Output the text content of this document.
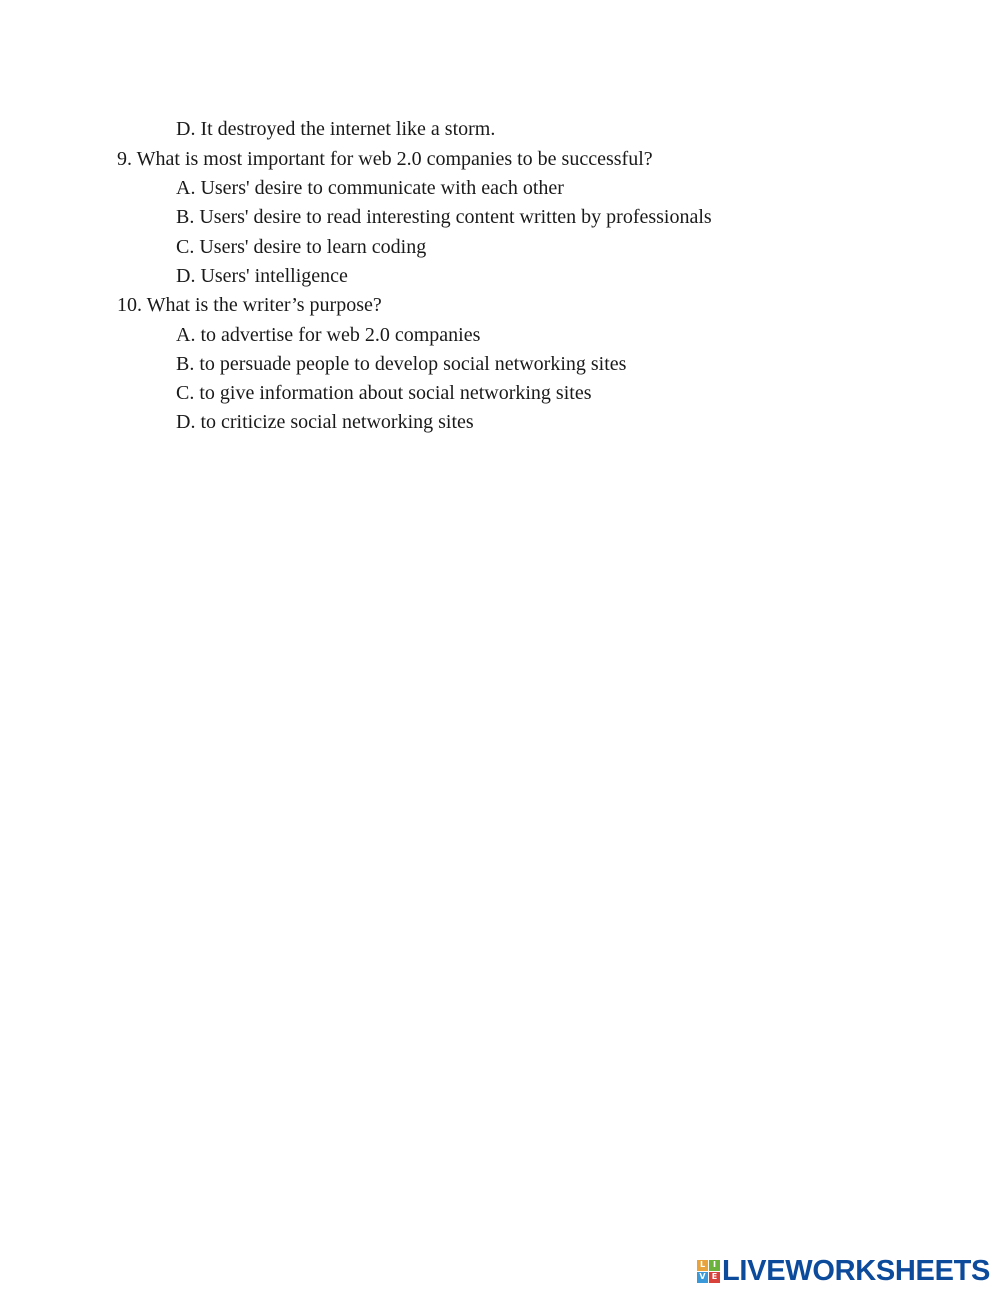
D. It destroyed the internet like a storm.
9. What is most important for web 2.0 companies to be successful?
A. Users' desire to communicate with each other
B. Users' desire to read interesting content written by professionals
C. Users' desire to learn coding
D. Users' intelligence
10. What is the writer’s purpose?
A. to advertise for web 2.0 companies
B. to persuade people to develop social networking sites
C. to give information about social networking sites
D. to criticize social networking sites
L I
V E LIVEWORKSHEETS
